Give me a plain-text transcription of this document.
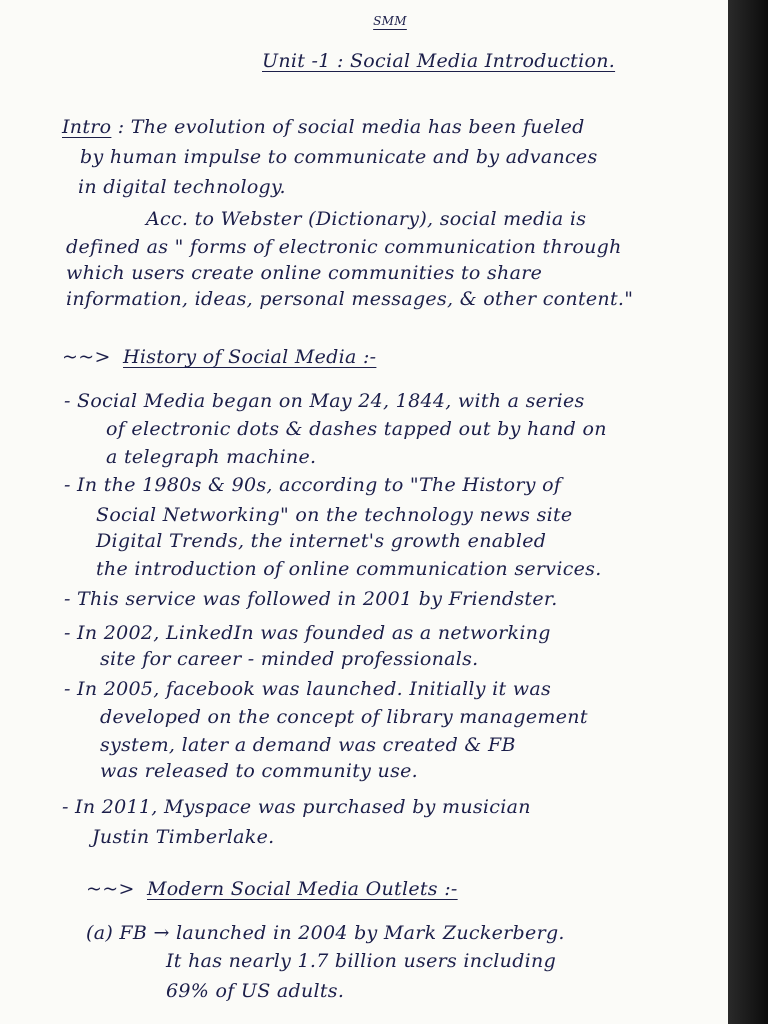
SMM
Unit -1 : Social Media Introduction.
Intro : The evolution of social media has been fueled
by human impulse to communicate and by advances
in digital technology.
Acc. to Webster (Dictionary), social media is
defined as " forms of electronic communication through
which users create online communities to share
information, ideas, personal messages, & other content."
~~> History of Social Media :-
- Social Media began on May 24, 1844, with a series
of electronic dots & dashes tapped out by hand on
a telegraph machine.
- In the 1980s & 90s, according to "The History of
Social Networking" on the technology news site
Digital Trends, the internet's growth enabled
the introduction of online communication services.
- This service was followed in 2001 by Friendster.
- In 2002, LinkedIn was founded as a networking
site for career - minded professionals.
- In 2005, facebook was launched. Initially it was
developed on the concept of library management
system, later a demand was created & FB
was released to community use.
- In 2011, Myspace was purchased by musician
Justin Timberlake.
~~> Modern Social Media Outlets :-
(a) FB → launched in 2004 by Mark Zuckerberg.
It has nearly 1.7 billion users including
69% of US adults.
